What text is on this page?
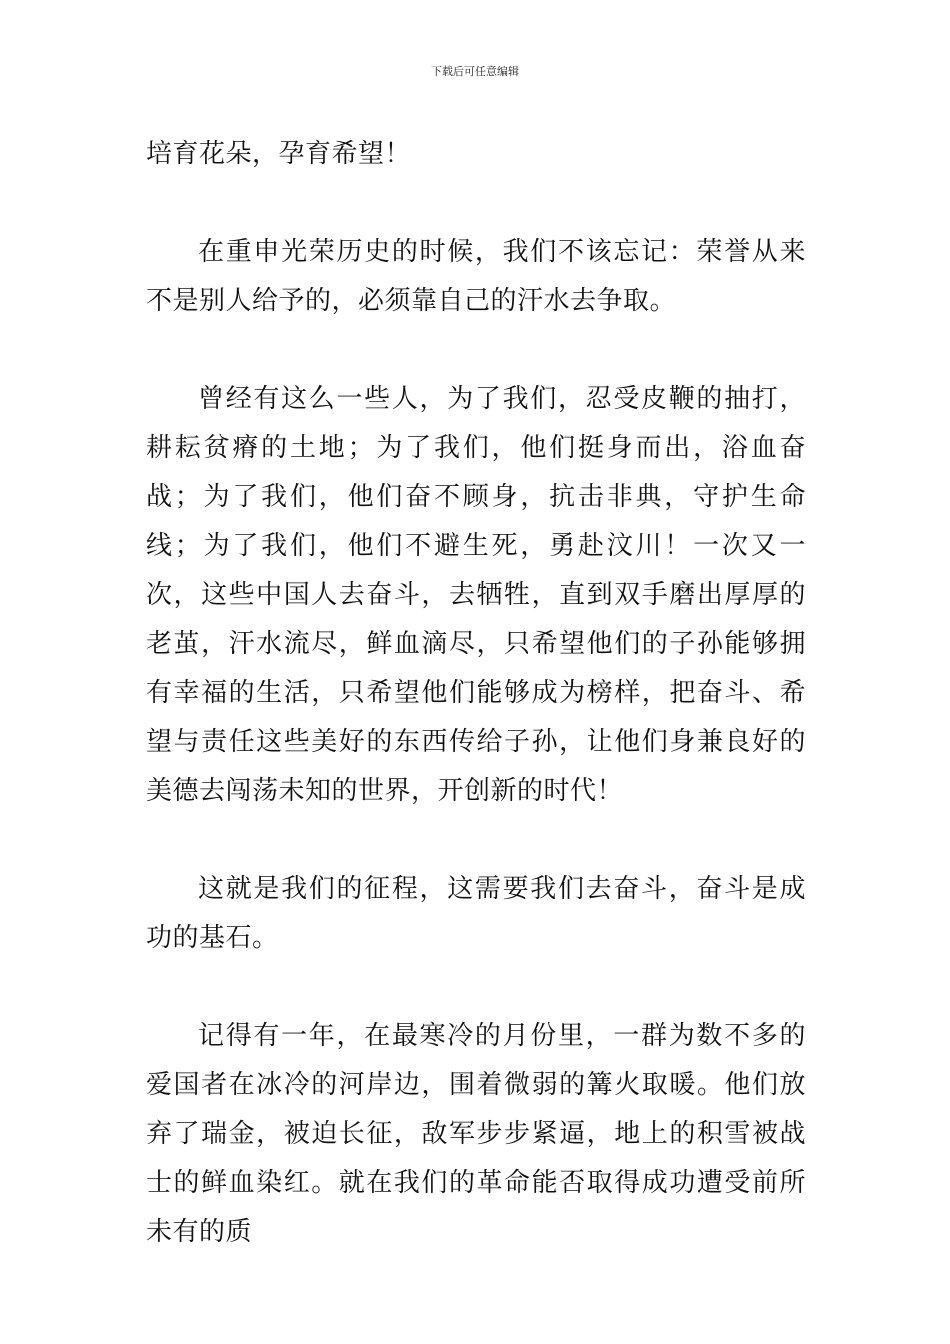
下载后可任意编辑

培育花朵，孕育希望！

在重申光荣历史的时候，我们不该忘记：荣誉从来不是别人给予的，必须靠自己的汗水去争取。

曾经有这么一些人，为了我们，忍受皮鞭的抽打，耕耘贫瘠的土地；为了我们，他们挺身而出，浴血奋战；为了我们，他们奋不顾身，抗击非典，守护生命线；为了我们，他们不避生死，勇赴汶川！一次又一次，这些中国人去奋斗，去牺牲，直到双手磨出厚厚的老茧，汗水流尽，鲜血滴尽，只希望他们的子孙能够拥有幸福的生活，只希望他们能够成为榜样，把奋斗、希望与责任这些美好的东西传给子孙，让他们身兼良好的美德去闯荡未知的世界，开创新的时代！

这就是我们的征程，这需要我们去奋斗，奋斗是成功的基石。

记得有一年，在最寒冷的月份里，一群为数不多的爱国者在冰冷的河岸边，围着微弱的篝火取暖。他们放弃了瑞金，被迫长征，敌军步步紧逼，地上的积雪被战士的鲜血染红。就在我们的革命能否取得成功遭受前所未有的质
